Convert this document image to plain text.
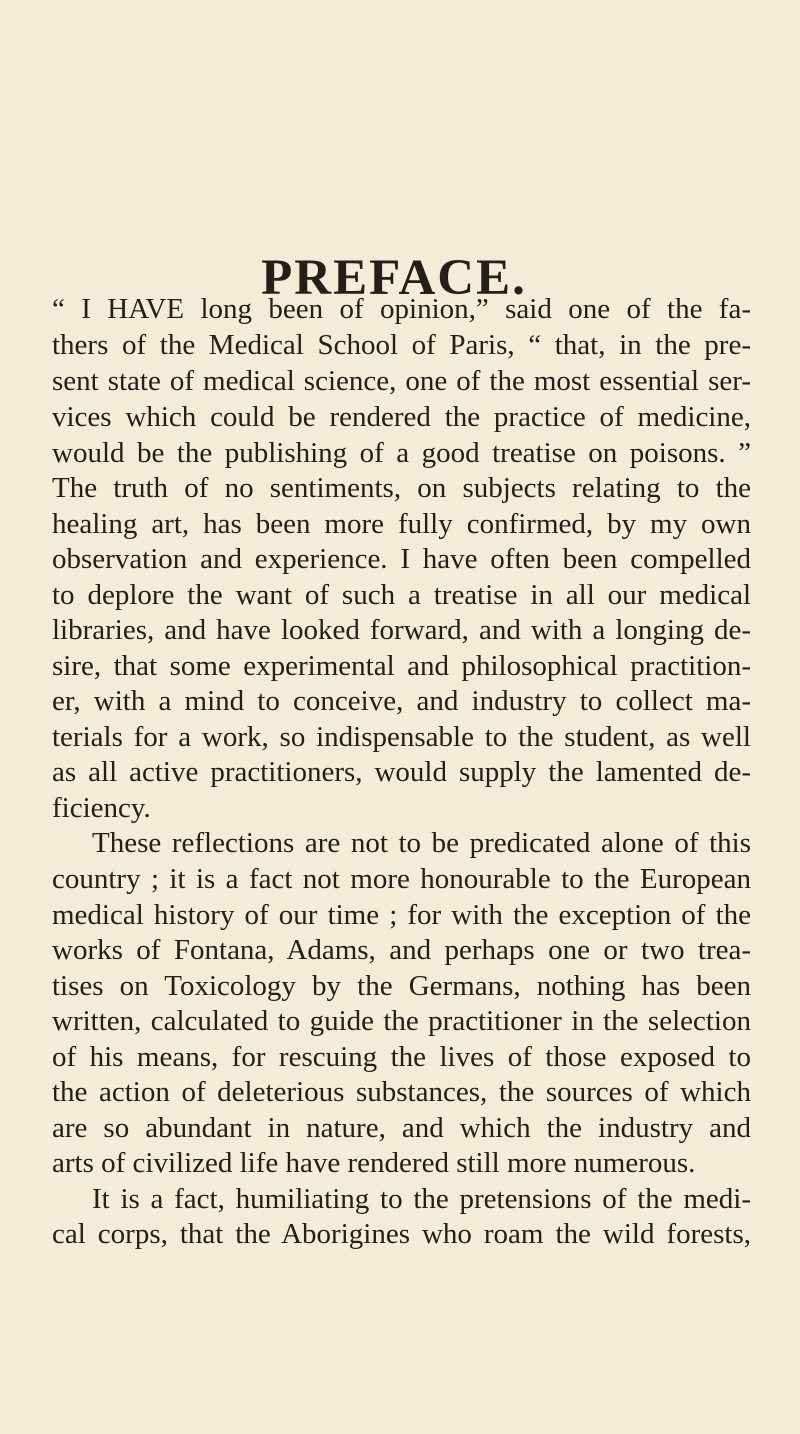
PREFACE.
“ I HAVE long been of opinion,” said one of the fa-
thers of the Medical School of Paris, “ that, in the pre-
sent state of medical science, one of the most essential ser-
vices which could be rendered the practice of medicine,
would be the publishing of a good treatise on poisons. ”
The truth of no sentiments, on subjects relating to the
healing art, has been more fully confirmed, by my own
observation and experience. I have often been compelled
to deplore the want of such a treatise in all our medical
libraries, and have looked forward, and with a longing de-
sire, that some experimental and philosophical practition-
er, with a mind to conceive, and industry to collect ma-
terials for a work, so indispensable to the student, as well
as all active practitioners, would supply the lamented de-
ficiency.
These reflections are not to be predicated alone of this
country ; it is a fact not more honourable to the European
medical history of our time ; for with the exception of the
works of Fontana, Adams, and perhaps one or two trea-
tises on Toxicology by the Germans, nothing has been
written, calculated to guide the practitioner in the selection
of his means, for rescuing the lives of those exposed to
the action of deleterious substances, the sources of which
are so abundant in nature, and which the industry and
arts of civilized life have rendered still more numerous.
It is a fact, humiliating to the pretensions of the medi-
cal corps, that the Aborigines who roam the wild forests,
